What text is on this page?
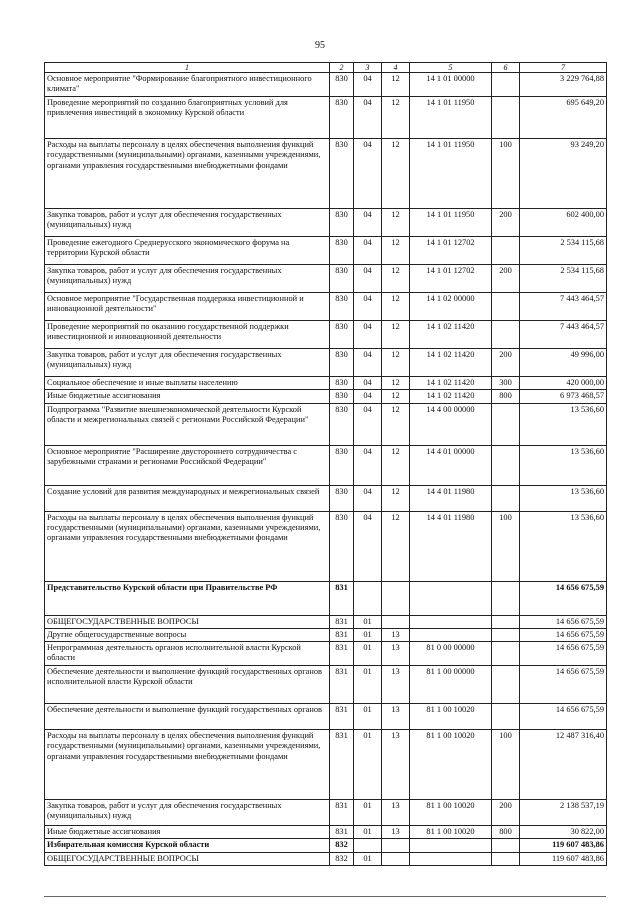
95
1	2	3	4	5	6	7
Основное мероприятие "Формирование благоприятного инвестиционного климата"	830	04	12	14 1 01 00000		3 229 764,88
Проведение мероприятий по созданию благоприятных условий для привлечения инвестиций в экономику Курской области	830	04	12	14 1 01 11950		695 649,20
Расходы на выплаты персоналу в целях обеспечения выполнения функций государственными (муниципальными) органами, казенными учреждениями, органами управления государственными внебюджетными фондами	830	04	12	14 1 01 11950	100	93 249,20
Закупка товаров, работ и услуг для обеспечения государственных (муниципальных) нужд	830	04	12	14 1 01 11950	200	602 400,00
Проведение ежегодного Среднерусского экономического форума на территории Курской области	830	04	12	14 1 01 12702		2 534 115,68
Закупка товаров, работ и услуг для обеспечения государственных (муниципальных) нужд	830	04	12	14 1 01 12702	200	2 534 115,68
Основное мероприятие "Государственная поддержка инвестиционной и инновационной деятельности"	830	04	12	14 1 02 00000		7 443 464,57
Проведение мероприятий по оказанию государственной поддержки инвестиционной и инновационной деятельности	830	04	12	14 1 02 11420		7 443 464,57
Закупка товаров, работ и услуг для обеспечения государственных (муниципальных) нужд	830	04	12	14 1 02 11420	200	49 996,00
Социальное обеспечение и иные выплаты населению	830	04	12	14 1 02 11420	300	420 000,00
Иные бюджетные ассигнования	830	04	12	14 1 02 11420	800	6 973 468,57
Подпрограмма "Развитие внешнеэкономической деятельности Курской области и межрегиональных связей с регионами Российской Федерации"	830	04	12	14 4 00 00000		13 536,60
Основное мероприятие "Расширение двустороннего сотрудничества с зарубежными странами и регионами Российской Федерации"	830	04	12	14 4 01 00000		13 536,60
Создание условий для развития международных и межрегиональных связей	830	04	12	14 4 01 11980		13 536,60
Расходы на выплаты персоналу в целях обеспечения выполнения функций государственными (муниципальными) органами, казенными учреждениями, органами управления государственными внебюджетными фондами	830	04	12	14 4 01 11980	100	13 536,60
Представительство Курской области при Правительстве РФ	831					14 656 675,59
ОБЩЕГОСУДАРСТВЕННЫЕ ВОПРОСЫ	831	01				14 656 675,59
Другие общегосударственные вопросы	831	01	13			14 656 675,59
Непрограммная деятельность органов исполнительной власти Курской области	831	01	13	81 0 00 00000		14 656 675,59
Обеспечение деятельности и выполнение функций государственных органов исполнительной власти Курской области	831	01	13	81 1 00 00000		14 656 675,59
Обеспечение деятельности и выполнение функций государственных органов	831	01	13	81 1 00 10020		14 656 675,59
Расходы на выплаты персоналу в целях обеспечения выполнения функций государственными (муниципальными) органами, казенными учреждениями, органами управления государственными внебюджетными фондами	831	01	13	81 1 00 10020	100	12 487 316,40
Закупка товаров, работ и услуг для обеспечения государственных (муниципальных) нужд	831	01	13	81 1 00 10020	200	2 138 537,19
Иные бюджетные ассигнования	831	01	13	81 1 00 10020	800	30 822,00
Избирательная комиссия Курской области	832					119 607 483,86
ОБЩЕГОСУДАРСТВЕННЫЕ ВОПРОСЫ	832	01				119 607 483,86
